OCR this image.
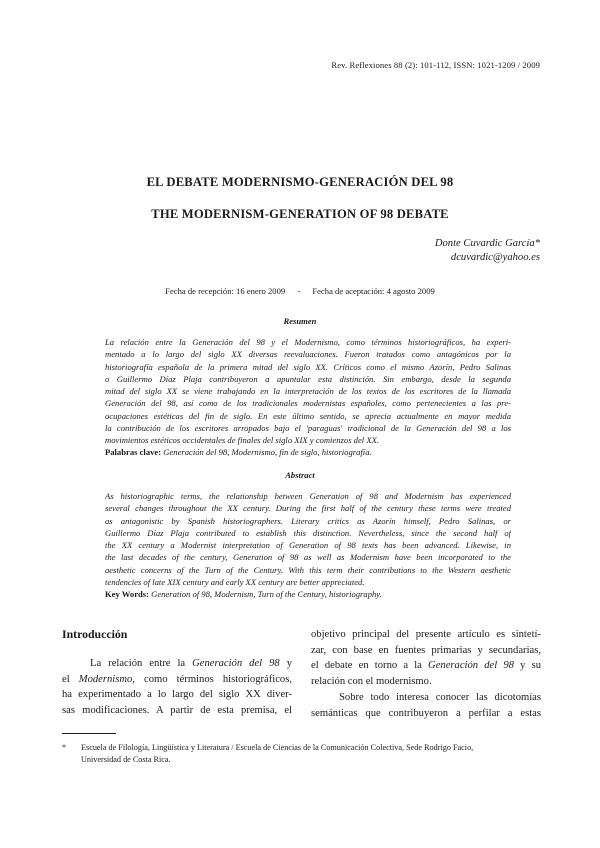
Rev. Reflexiones 88 (2): 101-112, ISSN: 1021-1209 / 2009
EL DEBATE MODERNISMO-GENERACIÓN DEL 98
THE MODERNISM-GENERATION OF 98 DEBATE
Donte Cuvardic García*
dcuvardic@yahoo.es
Fecha de recepción: 16 enero 2009 - Fecha de aceptación: 4 agosto 2009
Resumen
La relación entre la Generación del 98 y el Modernismo, como términos historiográficos, ha experi-
mentado a lo largo del siglo XX diversas reevaluaciones. Fueron tratados como antagónicos por la
historiografía española de la primera mitad del siglo XX. Críticos como el mismo Azorín, Pedro Salinas
o Guillermo Díaz Plaja contribuyeron a apuntalar esta distinción. Sin embargo, desde la segunda
mitad del siglo XX se viene trabajando en la interpretación de los textos de los escritores de la llamada
Generación del 98, así como de los tradicionales modernistas españoles, como pertenecientes a las pre-
ocupaciones estéticas del fin de siglo. En este último sentido, se aprecia actualmente en mayor medida
la contribución de los escritores arropados bajo el 'paraguas' tradicional de la Generación del 98 a los
movimientos estéticos occidentales de finales del siglo XIX y comienzos del XX.
Palabras clave: Generación del 98, Modernismo, fin de siglo, historiografía.
Abstract
As historiographic terms, the relationship between Generation of 98 and Modernism has experienced
several changes throughout the XX century. During the first half of the century these terms were treated
as antagonistic by Spanish historiographers. Literary critics as Azorín himself, Pedro Salinas, or
Guillermo Díaz Plaja contributed to establish this distinction. Nevertheless, since the second half of
the XX century a Modernist interpretation of Generation of 98 texts has been advanced. Likewise, in
the last decades of the century, Generation of 98 as well as Modernism have been incorporated to the
aesthetic concerns of the Turn of the Century. With this term their contributions to the Western aesthetic
tendencies of late XIX century and early XX century are better appreciated.
Key Words: Generation of 98, Modernism, Turn of the Century, historiography.
Introducción
La relación entre la Generación del 98 y
el Modernismo, como términos historiográficos,
ha experimentado a lo largo del siglo XX diver-
sas modificaciones. A partir de esta premisa, el
objetivo principal del presente artículo es sintetí-
zar, con base en fuentes primarias y secundarias,
el debate en torno a la Generación del 98 y su
relación con el modernismo.
Sobre todo interesa conocer las dicotomías
semánticas que contribuyeron a perfilar a estas
* Escuela de Filología, Lingüística y Literatura / Escuela de Ciencias de la Comunicación Colectiva, Sede Rodrigo Facio,
Universidad de Costa Rica.
